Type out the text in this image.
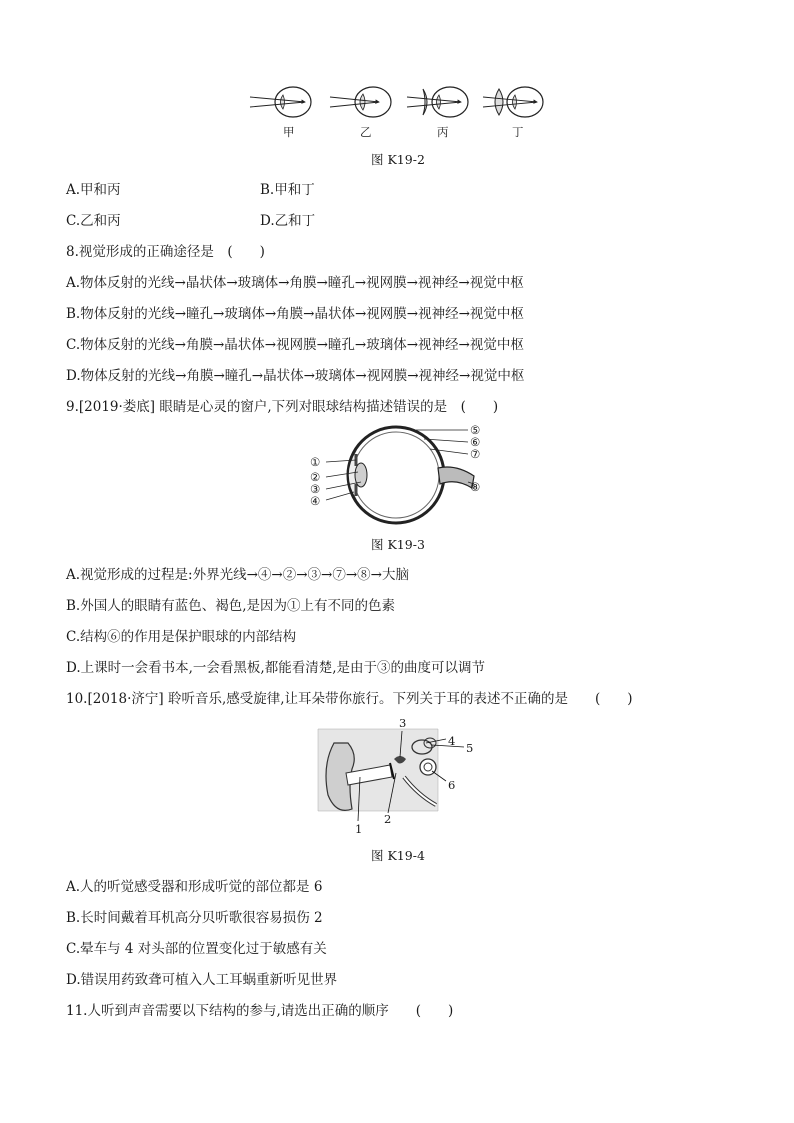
甲	乙	丙	丁
图 K19-2
A.甲和丙	B.甲和丁
C.乙和丙	D.乙和丁
8.视觉形成的正确途径是　(　　)
A.物体反射的光线→晶状体→玻璃体→角膜→瞳孔→视网膜→视神经→视觉中枢
B.物体反射的光线→瞳孔→玻璃体→角膜→晶状体→视网膜→视神经→视觉中枢
C.物体反射的光线→角膜→晶状体→视网膜→瞳孔→玻璃体→视神经→视觉中枢
D.物体反射的光线→角膜→瞳孔→晶状体→玻璃体→视网膜→视神经→视觉中枢
9.[2019·娄底] 眼睛是心灵的窗户,下列对眼球结构描述错误的是　(　　)
①
②
③
④
⑤
⑥
⑦
⑧
图 K19-3
A.视觉形成的过程是:外界光线→④→②→③→⑦→⑧→大脑
B.外国人的眼睛有蓝色、褐色,是因为①上有不同的色素
C.结构⑥的作用是保护眼球的内部结构
D.上课时一会看书本,一会看黑板,都能看清楚,是由于③的曲度可以调节
10.[2018·济宁] 聆听音乐,感受旋律,让耳朵带你旅行。下列关于耳的表述不正确的是　　(　　)
1
2
3
4 5
6
图 K19-4
A.人的听觉感受器和形成听觉的部位都是 6
B.长时间戴着耳机高分贝听歌很容易损伤 2
C.晕车与 4 对头部的位置变化过于敏感有关
D.错误用药致聋可植入人工耳蜗重新听见世界
11.人听到声音需要以下结构的参与,请选出正确的顺序　　(　　)
